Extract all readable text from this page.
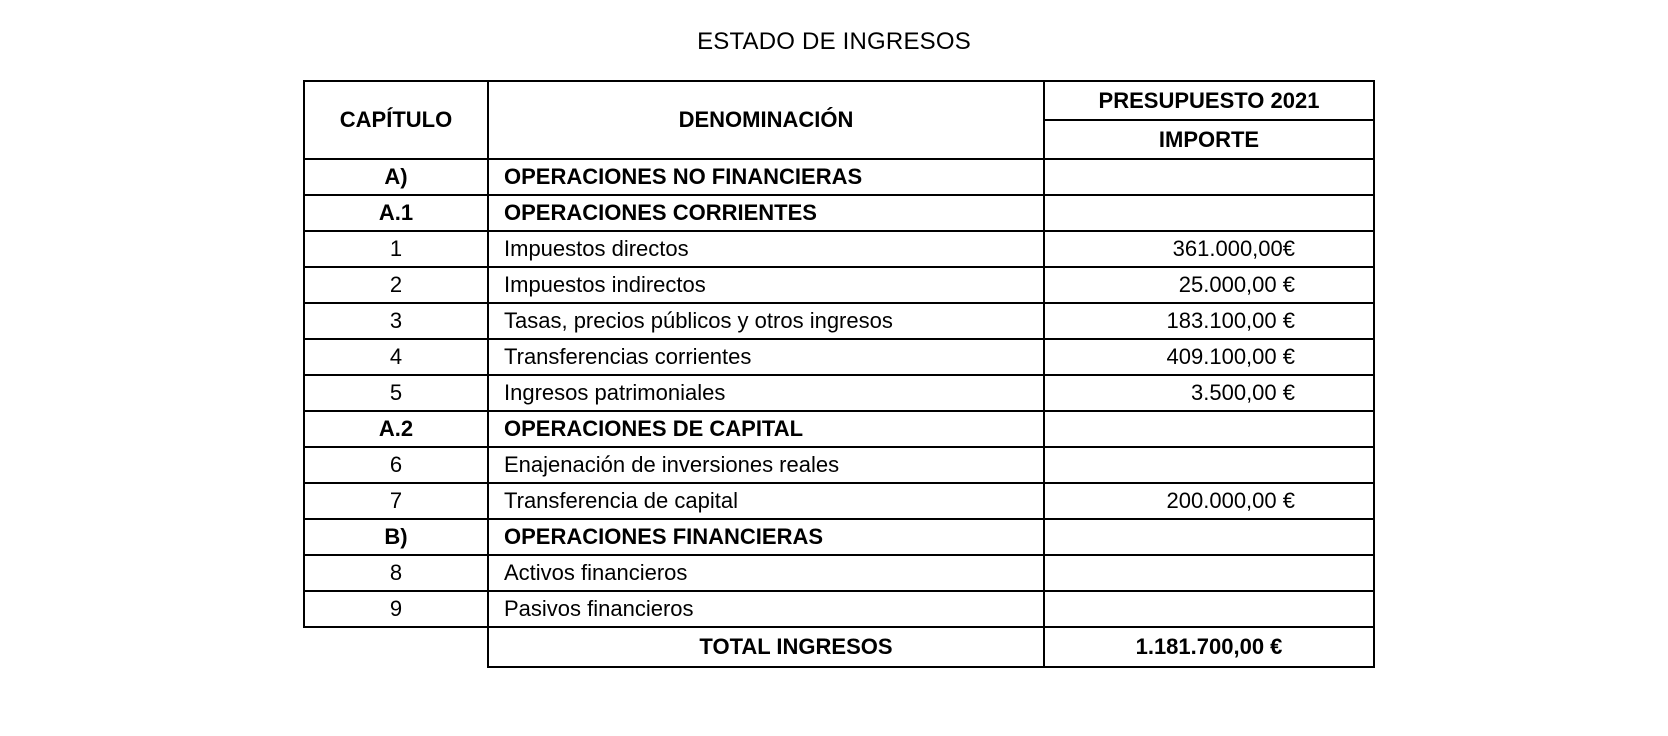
ESTADO DE INGRESOS
CAPÍTULO	DENOMINACIÓN	PRESUPUESTO 2021
		IMPORTE
A)	OPERACIONES NO FINANCIERAS	
A.1	OPERACIONES CORRIENTES	
1	Impuestos directos	361.000,00€
2	Impuestos indirectos	25.000,00 €
3	Tasas, precios públicos y otros ingresos	183.100,00 €
4	Transferencias corrientes	409.100,00 €
5	Ingresos patrimoniales	3.500,00 €
A.2	OPERACIONES DE CAPITAL	
6	Enajenación de inversiones reales	
7	Transferencia de capital	200.000,00 €
B)	OPERACIONES FINANCIERAS	
8	Activos financieros	
9	Pasivos financieros	
	TOTAL INGRESOS	1.181.700,00 €
